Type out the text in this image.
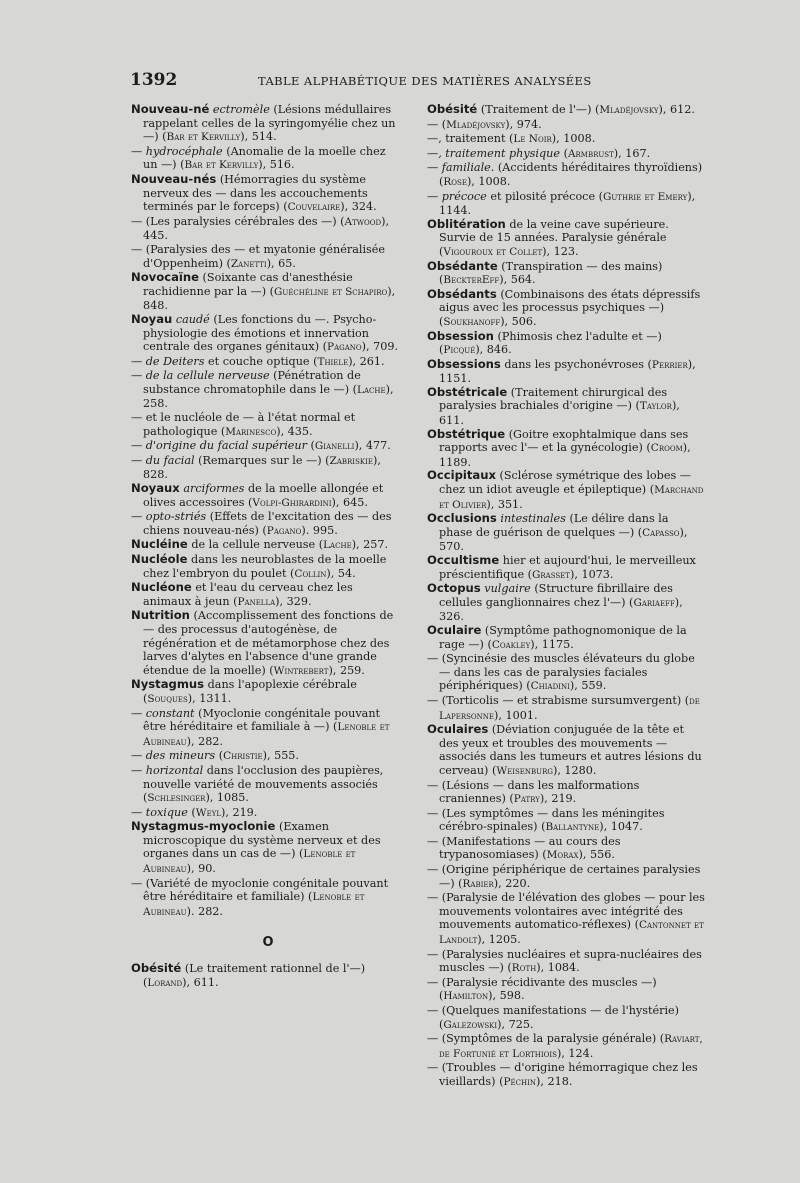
1392	TABLE ALPHABÉTIQUE DES MATIÈRES ANALYSÉES

Nouveau-né ectromèle (Lésions médullaires rappelant celles de la syringomyélie chez un —) (Bar et Kervilly), 514.

— hydrocéphale (Anomalie de la moelle chez un —) (Bar et Kervilly), 516.

Nouveau-nés (Hémorragies du système nerveux des — dans les accouchements terminés par le forceps) (Couvelaire), 324.

— (Les paralysies cérébrales des —) (Atwood), 445.

— (Paralysies des — et myatonie généralisée d'Oppenheim) (Zanetti), 65.

Novocaïne (Soixante cas d'anesthésie rachidienne par la —) (Guéchéline et Schapiro), 848.

Noyau caudé (Les fonctions du —. Psycho-physiologie des émotions et innervation centrale des organes génitaux) (Pagano), 709.

— de Deiters et couche optique (Thiele), 261.

— de la cellule nerveuse (Pénétration de substance chromatophile dans le —) (Lache), 258.

— et le nucléole de — à l'état normal et pathologique (Marinesco), 435.

— d'origine du facial supérieur (Gianelli), 477.

— du facial (Remarques sur le —) (Zabriskie), 828.

Noyaux arciformes de la moelle allongée et olives accessoires (Volpi-Ghirardini), 645.

— opto-striés (Effets de l'excitation des — des chiens nouveau-nés) (Pagano). 995.

Nucléine de la cellule nerveuse (Lache), 257.

Nucléole dans les neuroblastes de la moelle chez l'embryon du poulet (Collin), 54.

Nucléone et l'eau du cerveau chez les animaux à jeun (Panella), 329.

Nutrition (Accomplissement des fonctions de — des processus d'autogénèse, de régénération et de métamorphose chez des larves d'alytes en l'absence d'une grande étendue de la moelle) (Wintrebert), 259.

Nystagmus dans l'apoplexie cérébrale (Souques), 1311.

— constant (Myoclonie congénitale pouvant être héréditaire et familiale à —) (Lenoble et Aubineau), 282.

— des mineurs (Christie), 555.

— horizontal dans l'occlusion des paupières, nouvelle variété de mouvements associés (Schlesinger), 1085.

— toxique (Weyl), 219.

Nystagmus-myoclonie (Examen microscopique du système nerveux et des organes dans un cas de —) (Lenoble et Aubineau), 90.

— (Variété de myoclonie congénitale pouvant être héréditaire et familiale) (Lenoble et Aubineau). 282.

O

Obésité (Le traitement rationnel de l'—) (Lorand), 611.

Obésité (Traitement de l'—) (Mladéjovsky), 612.

— (Mladéjovsky), 974.

—, traitement (Le Noir), 1008.

—, traitement physique (Armbrust), 167.

— familiale. (Accidents héréditaires thyroïdiens) (Rose), 1008.

— précoce et pilosité précoce (Guthrie et Emery), 1144.

Oblitération de la veine cave supérieure. Survie de 15 années. Paralysie générale (Vigouroux et Collet), 123.

Obsédante (Transpiration — des mains) (BeckterEff), 564.

Obsédants (Combinaisons des états dépressifs aigus avec les processus psychiques —) (Soukhanoff), 506.

Obsession (Phimosis chez l'adulte et —) (Picqué), 846.

Obsessions dans les psychonévroses (Perrier), 1151.

Obstétricale (Traitement chirurgical des paralysies brachiales d'origine —) (Taylor), 611.

Obstétrique (Goitre exophtalmique dans ses rapports avec l'— et la gynécologie) (Croom), 1189.

Occipitaux (Sclérose symétrique des lobes — chez un idiot aveugle et épileptique) (Marchand et Olivier), 351.

Occlusions intestinales (Le délire dans la phase de guérison de quelques —) (Capasso), 570.

Occultisme hier et aujourd'hui, le merveilleux préscientifique (Grasset), 1073.

Octopus vulgaire (Structure fibrillaire des cellules ganglionnaires chez l'—) (Gariaeff), 326.

Oculaire (Symptôme pathognomonique de la rage —) (Coakley), 1175.

— (Syncinésie des muscles élévateurs du globe — dans les cas de paralysies faciales périphériques) (Chiadini), 559.

— (Torticolis — et strabisme sursumvergent) (de Lapersonne), 1001.

Oculaires (Déviation conjuguée de la tête et des yeux et troubles des mouvements — associés dans les tumeurs et autres lésions du cerveau) (Weisenburg), 1280.

— (Lésions — dans les malformations craniennes) (Patry), 219.

— (Les symptômes — dans les méningites cérébro-spinales) (Ballantyne), 1047.

— (Manifestations — au cours des trypanosomiases) (Morax), 556.

— (Origine périphérique de certaines paralysies —) (Rabier), 220.

— (Paralysie de l'élévation des globes — pour les mouvements volontaires avec intégrité des mouvements automatico-réflexes) (Cantonnet et Landolt), 1205.

— (Paralysies nucléaires et supra-nucléaires des muscles —) (Roth), 1084.

— (Paralysie récidivante des muscles —) (Hamilton), 598.

— (Quelques manifestations — de l'hystérie) (Galezowski), 725.

— (Symptômes de la paralysie générale) (Raviart, de Fortunié et Lorthiois), 124.

— (Troubles — d'origine hémorragique chez les vieillards) (Péchin), 218.
